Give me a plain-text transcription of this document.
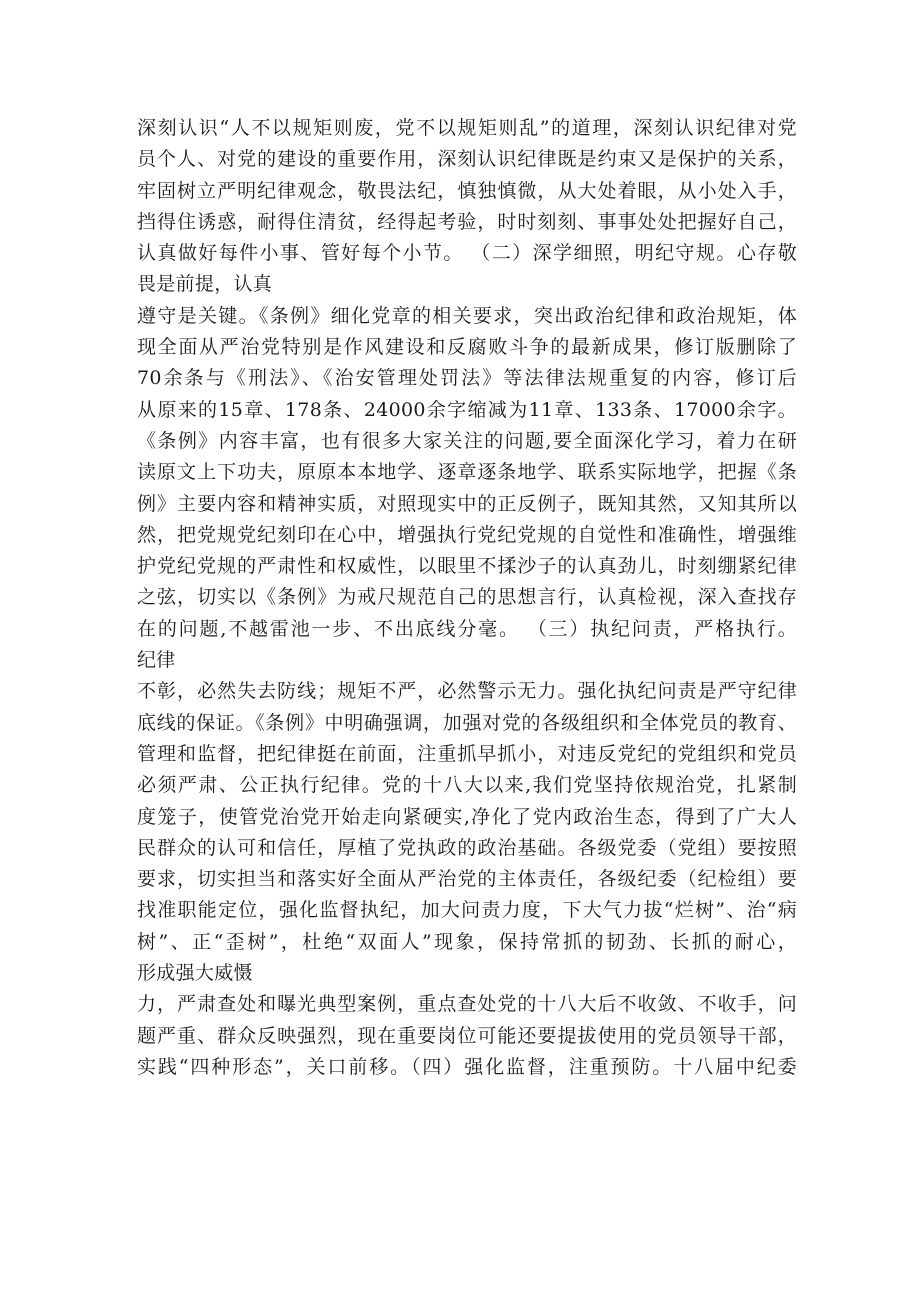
深刻认识“人不以规矩则废，党不以规矩则乱”的道理，深刻认识纪律对党
员个人、对党的建设的重要作用，深刻认识纪律既是约束又是保护的关系，
牢固树立严明纪律观念，敬畏法纪，慎独慎微，从大处着眼，从小处入手，
挡得住诱惑，耐得住清贫，经得起考验，时时刻刻、事事处处把握好自己，
认真做好每件小事、管好每个小节。 （二）深学细照，明纪守规。心存敬
畏是前提，认真
遵守是关键。《条例》细化党章的相关要求，突出政治纪律和政治规矩，体
现全面从严治党特别是作风建设和反腐败斗争的最新成果，修订版删除了
70余条与《刑法》、《治安管理处罚法》等法律法规重复的内容，修订后
从原来的15章、178条、24000余字缩减为11章、133条、17000余字。
《条例》内容丰富，也有很多大家关注的问题,要全面深化学习，着力在研
读原文上下功夫，原原本本地学、逐章逐条地学、联系实际地学，把握《条
例》主要内容和精神实质，对照现实中的正反例子，既知其然，又知其所以
然，把党规党纪刻印在心中，增强执行党纪党规的自觉性和准确性，增强维
护党纪党规的严肃性和权威性，以眼里不揉沙子的认真劲儿，时刻绷紧纪律
之弦，切实以《条例》为戒尺规范自己的思想言行，认真检视，深入查找存
在的问题,不越雷池一步、不出底线分毫。 （三）执纪问责，严格执行。
纪律
不彰，必然失去防线；规矩不严，必然警示无力。强化执纪问责是严守纪律
底线的保证。《条例》中明确强调，加强对党的各级组织和全体党员的教育、
管理和监督，把纪律挺在前面，注重抓早抓小，对违反党纪的党组织和党员
必须严肃、公正执行纪律。党的十八大以来,我们党坚持依规治党，扎紧制
度笼子，使管党治党开始走向紧硬实,净化了党内政治生态，得到了广大人
民群众的认可和信任，厚植了党执政的政治基础。各级党委（党组）要按照
要求，切实担当和落实好全面从严治党的主体责任，各级纪委（纪检组）要
找准职能定位，强化监督执纪，加大问责力度，下大气力拔“烂树”、治“病
树”、正“歪树”，杜绝“双面人”现象，保持常抓的韧劲、长抓的耐心，
形成强大威慑
力，严肃查处和曝光典型案例，重点查处党的十八大后不收敛、不收手，问
题严重、群众反映强烈，现在重要岗位可能还要提拔使用的党员领导干部，
实践“四种形态”，关口前移。（四）强化监督，注重预防。十八届中纪委
